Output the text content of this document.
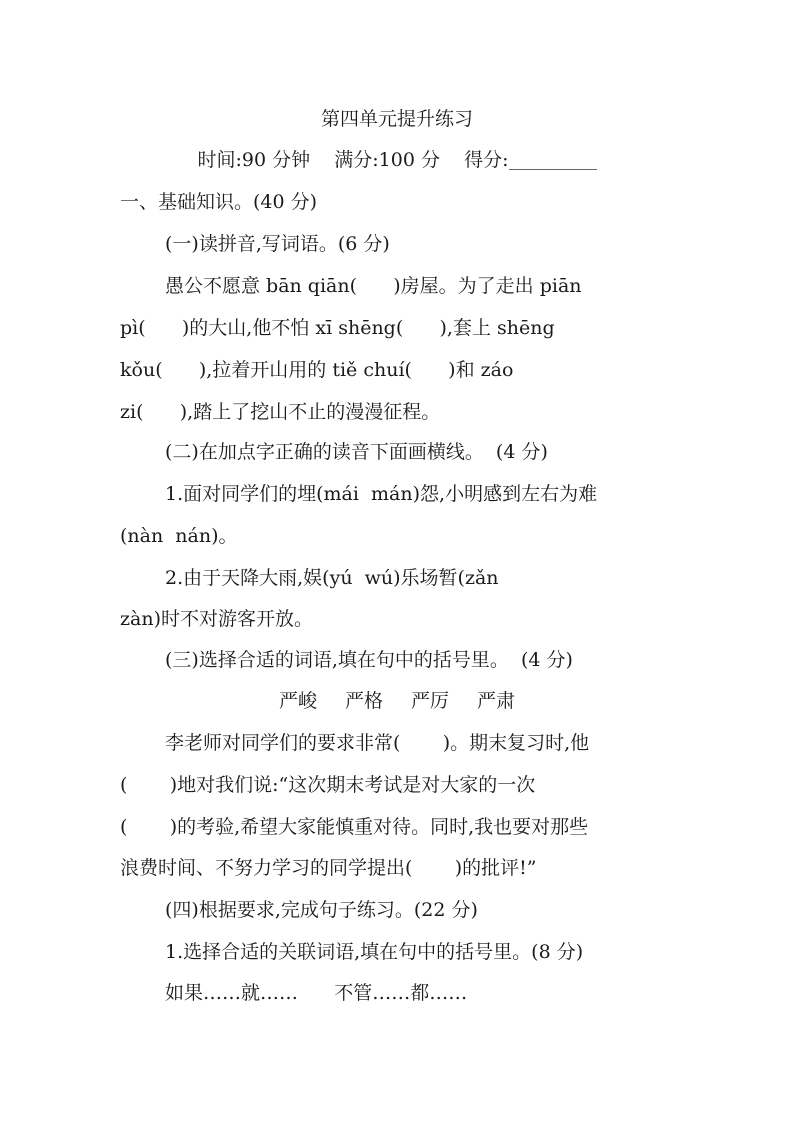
第四单元提升练习
时间:90 分钟 满分:100 分 得分:
一、基础知识。(40 分)
(一)读拼音,写词语。(6 分)
愚公不愿意 bān qiān(      )房屋。为了走出 piān
pì(      )的大山,他不怕 xī shēng(      ),套上 shēng
kǒu(      ),拉着开山用的 tiě chuí(      )和 záo
zi(      ),踏上了挖山不止的漫漫征程。
(二)在加点字正确的读音下面画横线。  (4 分)
1.面对同学们的埋(mái  mán)怨,小明感到左右为难
(nàn  nán)。
2.由于天降大雨,娱(yú  wú)乐场暂(zǎn
zàn)时不对游客开放。
(三)选择合适的词语,填在句中的括号里。  (4 分)
严峻 严格 严厉 严肃
李老师对同学们的要求非常(       )。期末复习时,他
(       )地对我们说:“这次期末考试是对大家的一次
(       )的考验,希望大家能慎重对待。同时,我也要对那些
浪费时间、不努力学习的同学提出(       )的批评!”
(四)根据要求,完成句子练习。(22 分)
1.选择合适的关联词语,填在句中的括号里。(8 分)
如果……就……      不管……都……
